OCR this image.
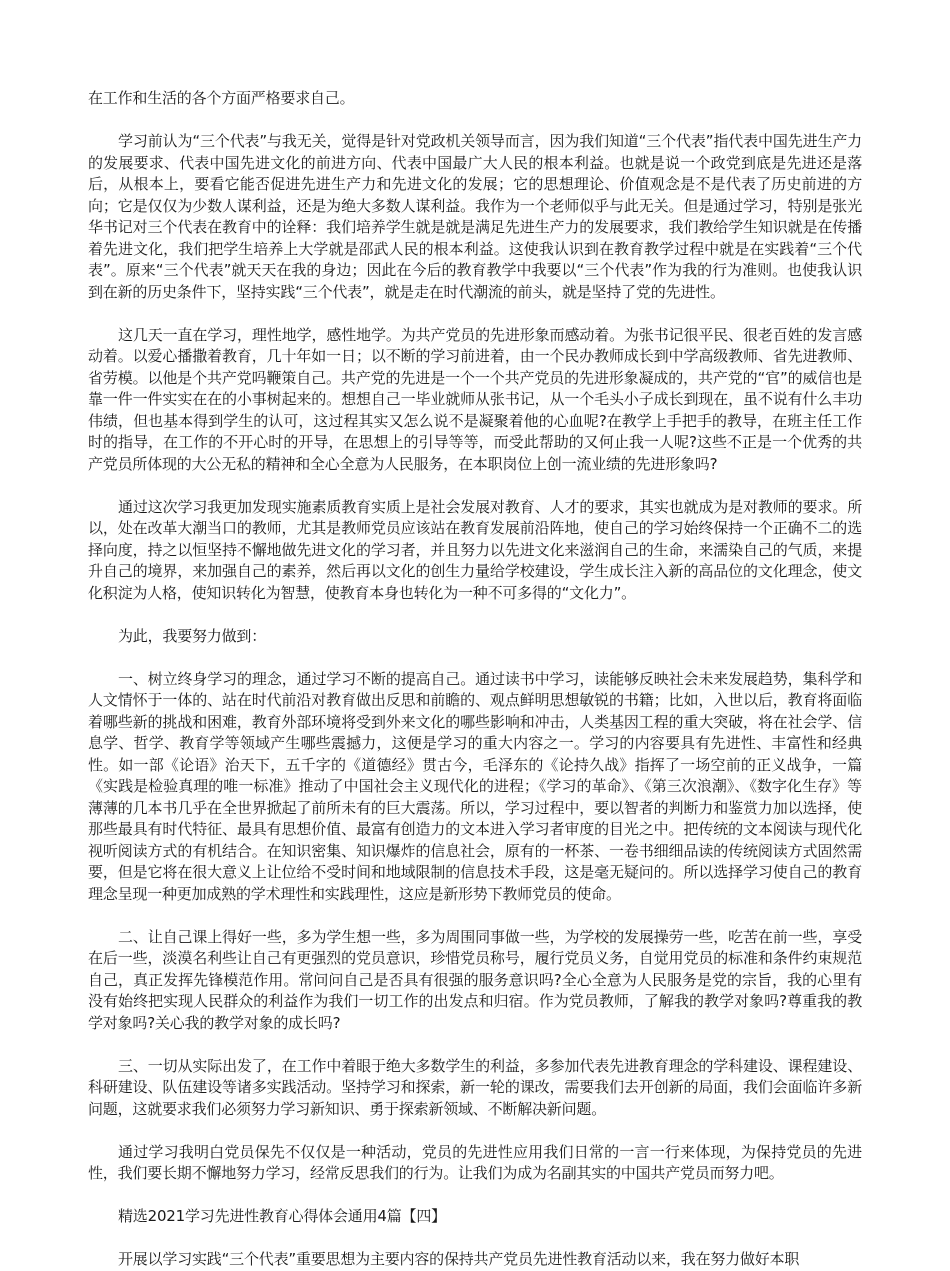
在工作和生活的各个方面严格要求自己。

学习前认为“三个代表”与我无关，觉得是针对党政机关领导而言，因为我们知道“三个代表”指代表中国先进生产力的发展要求、代表中国先进文化的前进方向、代表中国最广大人民的根本利益。也就是说一个政党到底是先进还是落后，从根本上，要看它能否促进先进生产力和先进文化的发展；它的思想理论、价值观念是不是代表了历史前进的方向；它是仅仅为少数人谋利益，还是为绝大多数人谋利益。我作为一个老师似乎与此无关。但是通过学习，特别是张光华书记对三个代表在教育中的诠释：我们培养学生就是就是满足先进生产力的发展要求，我们教给学生知识就是在传播着先进文化，我们把学生培养上大学就是邵武人民的根本利益。这使我认识到在教育教学过程中就是在实践着“三个代表”。原来“三个代表”就天天在我的身边；因此在今后的教育教学中我要以“三个代表”作为我的行为准则。也使我认识到在新的历史条件下，坚持实践“三个代表”，就是走在时代潮流的前头，就是坚持了党的先进性。

这几天一直在学习，理性地学，感性地学。为共产党员的先进形象而感动着。为张书记很平民、很老百姓的发言感动着。以爱心播撒着教育，几十年如一日；以不断的学习前进着，由一个民办教师成长到中学高级教师、省先进教师、省劳模。以他是个共产党吗鞭策自己。共产党的先进是一个一个共产党员的先进形象凝成的，共产党的“官”的威信也是靠一件一件实实在在的小事树起来的。想想自己一毕业就师从张书记，从一个毛头小子成长到现在，虽不说有什么丰功伟绩，但也基本得到学生的认可，这过程其实又怎么说不是凝聚着他的心血呢?在教学上手把手的教导，在班主任工作时的指导，在工作的不开心时的开导，在思想上的引导等等，而受此帮助的又何止我一人呢?这些不正是一个优秀的共产党员所体现的大公无私的精神和全心全意为人民服务，在本职岗位上创一流业绩的先进形象吗?

通过这次学习我更加发现实施素质教育实质上是社会发展对教育、人才的要求，其实也就成为是对教师的要求。所以，处在改革大潮当口的教师，尤其是教师党员应该站在教育发展前沿阵地，使自己的学习始终保持一个正确不二的选择向度，持之以恒坚持不懈地做先进文化的学习者，并且努力以先进文化来滋润自己的生命，来濡染自己的气质，来提升自己的境界，来加强自己的素养，然后再以文化的创生力量给学校建设，学生成长注入新的高品位的文化理念，使文化积淀为人格，使知识转化为智慧，使教育本身也转化为一种不可多得的“文化力”。

为此，我要努力做到：

一、树立终身学习的理念，通过学习不断的提高自己。通过读书中学习，读能够反映社会未来发展趋势，集科学和人文情怀于一体的、站在时代前沿对教育做出反思和前瞻的、观点鲜明思想敏锐的书籍；比如，入世以后，教育将面临着哪些新的挑战和困难，教育外部环境将受到外来文化的哪些影响和冲击，人类基因工程的重大突破，将在社会学、信息学、哲学、教育学等领域产生哪些震撼力，这便是学习的重大内容之一。学习的内容要具有先进性、丰富性和经典性。如一部《论语》治天下，五千字的《道德经》贯古今，毛泽东的《论持久战》指挥了一场空前的正义战争，一篇《实践是检验真理的唯一标准》推动了中国社会主义现代化的进程；《学习的革命》、《第三次浪潮》、《数字化生存》等薄薄的几本书几乎在全世界掀起了前所未有的巨大震荡。所以，学习过程中，要以智者的判断力和鉴赏力加以选择，使那些最具有时代特征、最具有思想价值、最富有创造力的文本进入学习者审度的目光之中。把传统的文本阅读与现代化视听阅读方式的有机结合。在知识密集、知识爆炸的信息社会，原有的一杯茶、一卷书细细品读的传统阅读方式固然需要，但是它将在很大意义上让位给不受时间和地域限制的信息技术手段，这是毫无疑问的。所以选择学习使自己的教育理念呈现一种更加成熟的学术理性和实践理性，这应是新形势下教师党员的使命。

二、让自己课上得好一些，多为学生想一些，多为周围同事做一些，为学校的发展操劳一些，吃苦在前一些，享受在后一些，淡漠名利些让自己有更强烈的党员意识，珍惜党员称号，履行党员义务，自觉用党员的标准和条件约束规范自己，真正发挥先锋模范作用。常问问自己是否具有很强的服务意识吗?全心全意为人民服务是党的宗旨，我的心里有没有始终把实现人民群众的利益作为我们一切工作的出发点和归宿。作为党员教师，了解我的教学对象吗?尊重我的教学对象吗?关心我的教学对象的成长吗?

三、一切从实际出发了，在工作中着眼于绝大多数学生的利益，多参加代表先进教育理念的学科建设、课程建设、科研建设、队伍建设等诸多实践活动。坚持学习和探索，新一轮的课改，需要我们去开创新的局面，我们会面临许多新问题，这就要求我们必须努力学习新知识、勇于探索新领域、不断解决新问题。

通过学习我明白党员保先不仅仅是一种活动，党员的先进性应用我们日常的一言一行来体现，为保持党员的先进性，我们要长期不懈地努力学习，经常反思我们的行为。让我们为成为名副其实的中国共产党员而努力吧。

精选2021学习先进性教育心得体会通用4篇【四】

开展以学习实践“三个代表”重要思想为主要内容的保持共产党员先进性教育活动以来，我在努力做好本职
